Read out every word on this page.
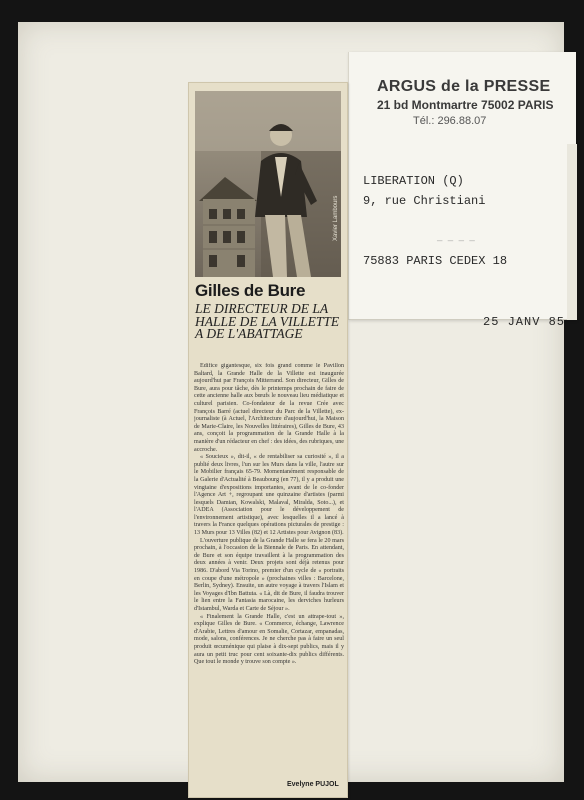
ARGUS de la PRESSE
21 bd Montmartre 75002 PARIS
Tél.: 296.88.07
LIBERATION (Q)
9, rue Christiani
— — — —
75883 PARIS CEDEX 18
25 JANV 85
Xavier Lambours
Gilles de Bure
LE DIRECTEUR DE LA HALLE DE LA VILLETTE A DE L'ABATTAGE

Edifice gigantesque, six fois grand comme le Pavillon Baltard, la Grande Halle de la Villette est inaugurée aujourd'hui par François Mitterrand. Son directeur, Gilles de Bure, aura pour tâche, dès le printemps prochain de faire de cette ancienne halle aux bœufs le nouveau lieu médiatique et culturel parisien. Co-fondateur de la revue Crée avec François Barré (actuel directeur du Parc de la Villette), ex-journaliste (à Actuel, l'Architecture d'aujourd'hui, la Maison de Marie-Claire, les Nouvelles littéraires), Gilles de Bure, 43 ans, conçoit la programmation de la Grande Halle à la manière d'un rédacteur en chef : des idées, des rubriques, une accroche.

« Soucieux », dit-il, « de rentabiliser sa curiosité », il a publié deux livres, l'un sur les Murs dans la ville, l'autre sur le Mobilier français 65-79. Momentanément responsable de la Galerie d'Actualité à Beaubourg (en 77), il y a produit une vingtaine d'expositions importantes, avant de le co-fonder l'Agence Art +, regroupant une quinzaine d'artistes (parmi lesquels Damian, Kowalski, Malaval, Miralda, Soto...), et l'ADEA (Association pour le développement de l'environnement artistique), avec lesquelles il a lancé à travers la France quelques opérations picturales de prestige : 13 Murs pour 13 Villes (82) et 12 Artistes pour Avignon (83).

L'ouverture publique de la Grande Halle se fera le 20 mars prochain, à l'occasion de la Biennale de Paris. En attendant, de Bure et son équipe travaillent à la programmation des deux années à venir. Deux projets sont déjà retenus pour 1986. D'abord Via Torino, premier d'un cycle de « portraits en coupe d'une métropole » (prochaines villes : Barcelone, Berlin, Sydney). Ensuite, un autre voyage à travers l'Islam et les Voyages d'Ibn Battuta. « Là, dit de Bure, il faudra trouver le lien entre la Fantasia marocaine, les derviches hurleurs d'Istambul, Warda et Carte de Séjour ».

« Finalement la Grande Halle, c'est un attrape-tout », explique Gilles de Bure. « Commerce, échange, Lawrence d'Arabie, Lettres d'amour en Somalie, Cortazar, empanadas, mode, salons, conférences. Je ne cherche pas à faire un seul produit œcuménique qui plaise à dix-sept publics, mais il y aura un petit truc pour cent soixante-dix publics différents. Que tout le monde y trouve son compte ».

Evelyne PUJOL
